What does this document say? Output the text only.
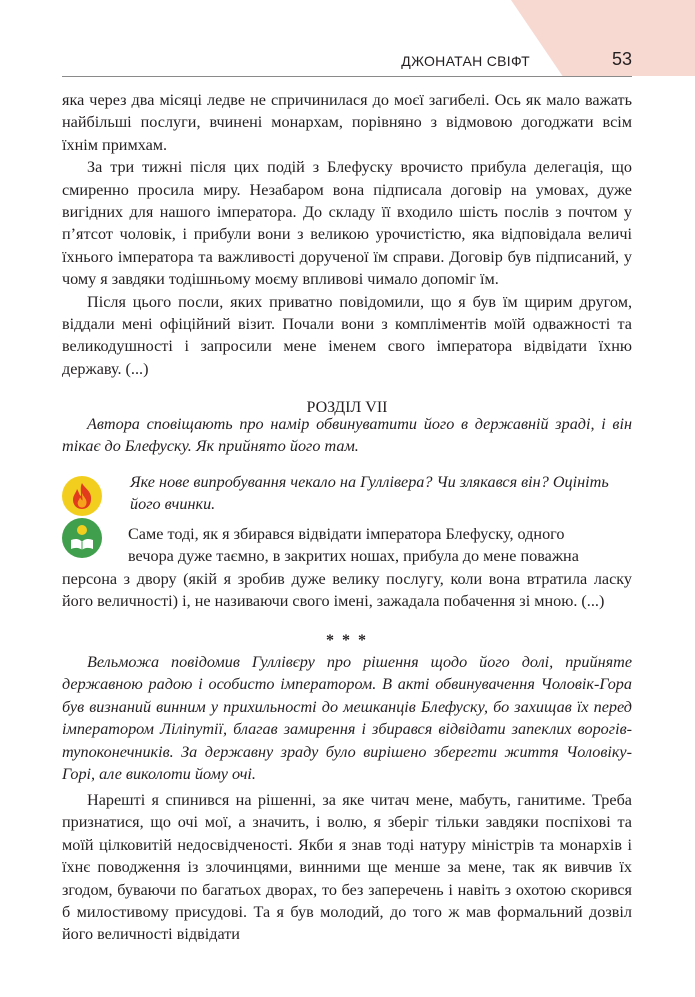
ДЖОНАТАН СВІФТ	53

яка через два місяці ледве не спричинилася до моєї загибелі. Ось як мало важать найбільші послуги, вчинені монархам, порівняно з відмовою догоджати всім їхнім примхам.

За три тижні після цих подій з Блефуску врочисто прибула делегація, що смиренно просила миру. Незабаром вона підписала договір на умовах, дуже вигідних для нашого імператора. До складу її входило шість послів з почтом у п’ятсот чоловік, і прибули вони з великою урочистістю, яка відповідала величі їхнього імператора та важливості дорученої їм справи. Договір був підписаний, у чому я завдяки тодішньому моєму впливові чимало допоміг їм.

Після цього посли, яких приватно повідомили, що я був їм щирим другом, віддали мені офіційний візит. Почали вони з компліментів моїй одважності та великодушності і запросили мене іменем свого імператора відвідати їхню державу. (...)

РОЗДІЛ VII
Автора сповіщають про намір обвинуватити його в державній зраді, і він тікає до Блефуску. Як прийнято його там.
Яке нове випробування чекало на Гуллівера? Чи злякався він? Оцініть його вчинки.

Саме тоді, як я збирався відвідати імператора Блефуску, одного

вечора дуже таємно, в закритих ношах, прибула до мене поважна

персона з двору (якій я зробив дуже велику послугу, коли вона втратила ласку його величності) і, не називаючи свого імені, зажадала побачення зі мною. (...)

* * *
Вельможа повідомив Гуллівєру про рішення щодо його долі, прийняте державною радою і особисто імператором. В акті обвинувачення Чоловік-Гора був визнаний винним у прихильності до мешканців Блефуску, бо захищав їх перед імператором Ліліпутії, благав замирення і збирався відвідати запеклих ворогів-тупоконечників. За державну зраду було вирішено зберегти життя Чоловіку-Горі, але виколоти йому очі.

Нарешті я спинився на рішенні, за яке читач мене, мабуть, ганитиме. Треба признатися, що очі мої, а значить, і волю, я зберіг тільки завдяки поспіхові та моїй цілковитій недосвідченості. Якби я знав тоді натуру міністрів та монархів і їхнє поводження із злочинцями, винними ще менше за мене, так як вивчив їх згодом, буваючи по багатьох дворах, то без заперечень і навіть з охотою скорився б милостивому присудові. Та я був молодий, до того ж мав формальний дозвіл його величності відвідати
